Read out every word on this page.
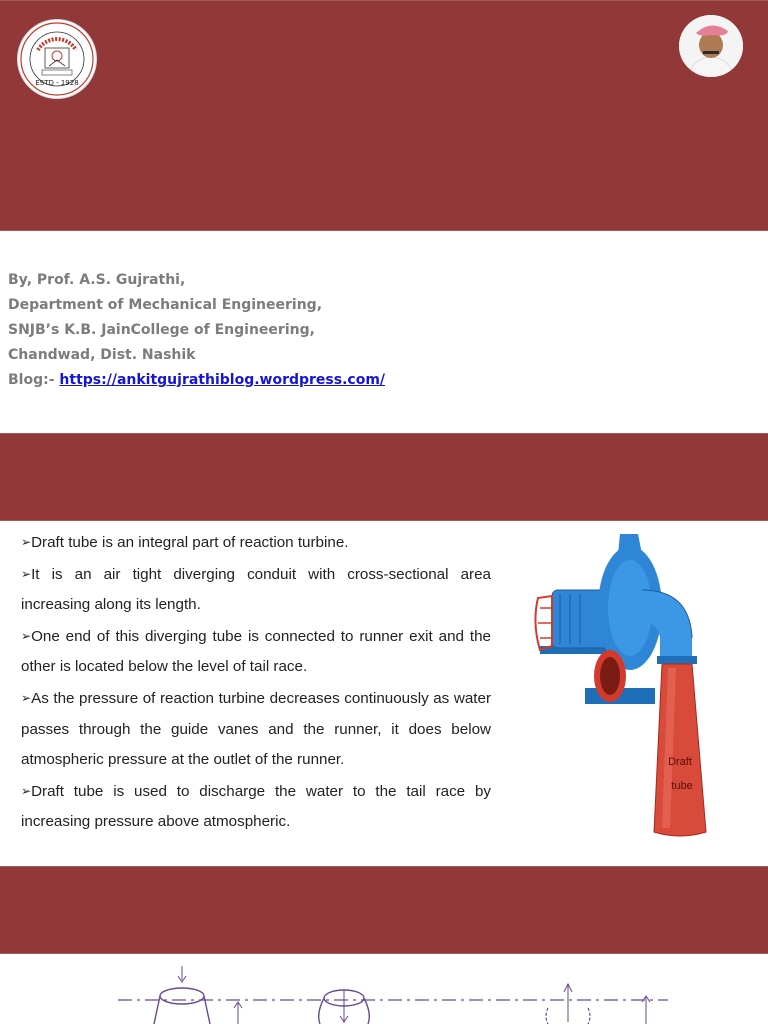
ESTD - 1928
By, Prof. A.S. Gujrathi,
Department of Mechanical Engineering,
SNJB’s K.B. JainCollege of Engineering,
Chandwad, Dist. Nashik
Blog:- https://ankitgujrathiblog.wordpress.com/

➢Draft tube is an integral part of reaction turbine.

➢It is an air tight diverging conduit with cross-sectional area increasing along its length.

➢One end of this diverging tube is connected to runner exit and the other is located below the level of tail race.

➢As the pressure of reaction turbine decreases continuously as water passes through the guide vanes and the runner, it does below atmospheric pressure at the outlet of the runner.

➢Draft tube is used to discharge the water to the tail race by increasing pressure above atmospheric.

Draft
tube
